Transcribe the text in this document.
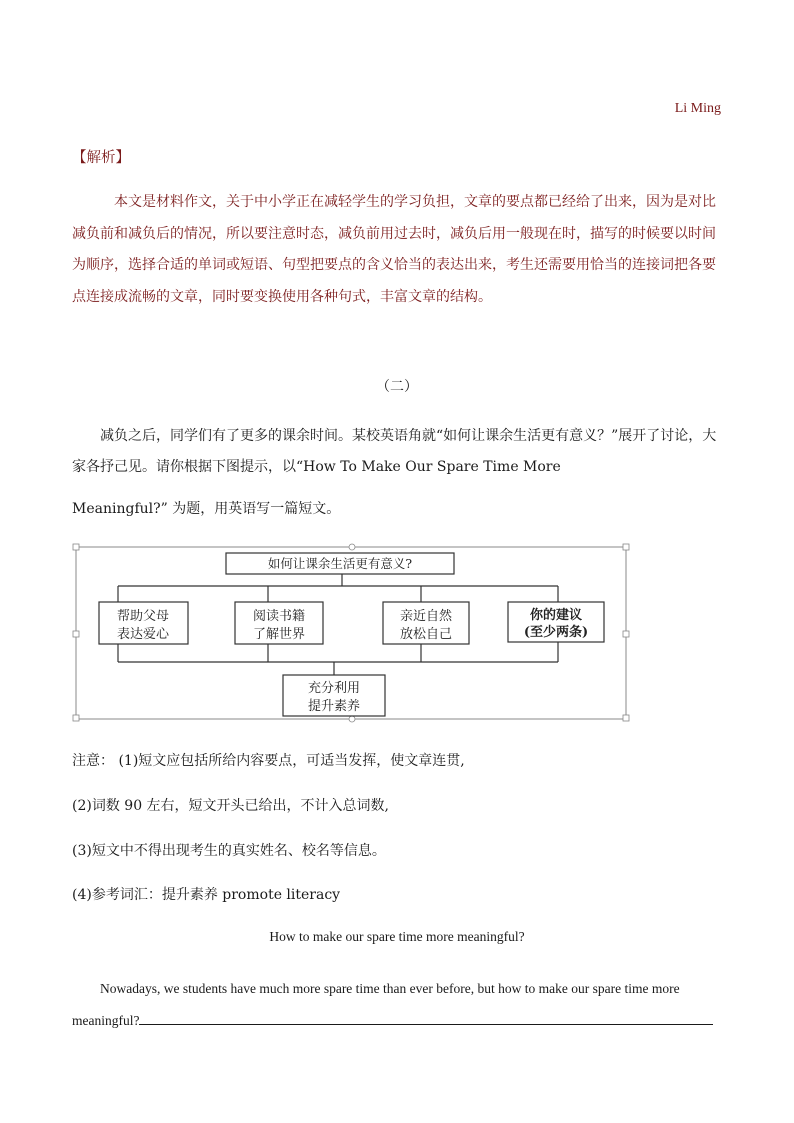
Li Ming
【解析】
本文是材料作文，关于中小学正在减轻学生的学习负担，文章的要点都已经给了出来，因为是对比减负前和减负后的情况，所以要注意时态，减负前用过去时，减负后用一般现在时，描写的时候要以时间为顺序，选择合适的单词或短语、句型把要点的含义恰当的表达出来，考生还需要用恰当的连接词把各要点连接成流畅的文章，同时要变换使用各种句式，丰富文章的结构。
（二）
减负之后，同学们有了更多的课余时间。某校英语角就“如何让课余生活更有意义？”展开了讨论，大家各抒己见。请你根据下图提示，以“How To Make Our Spare Time More
Meaningful?” 为题，用英语写一篇短文。
如何让课余生活更有意义?
帮助父母
表达爱心
阅读书籍
了解世界
亲近自然
放松自己
你的建议
(至少两条)
充分利用
提升素养
注意： (1)短文应包括所给内容要点，可适当发挥，使文章连贯,
(2)词数 90 左右，短文开头已给出，不计入总词数,
(3)短文中不得出现考生的真实姓名、校名等信息。
(4)参考词汇：提升素养 promote literacy
How to make our spare time more meaningful?
Nowadays, we students have much more spare time than ever before, but how to make our spare time more meaningful?
